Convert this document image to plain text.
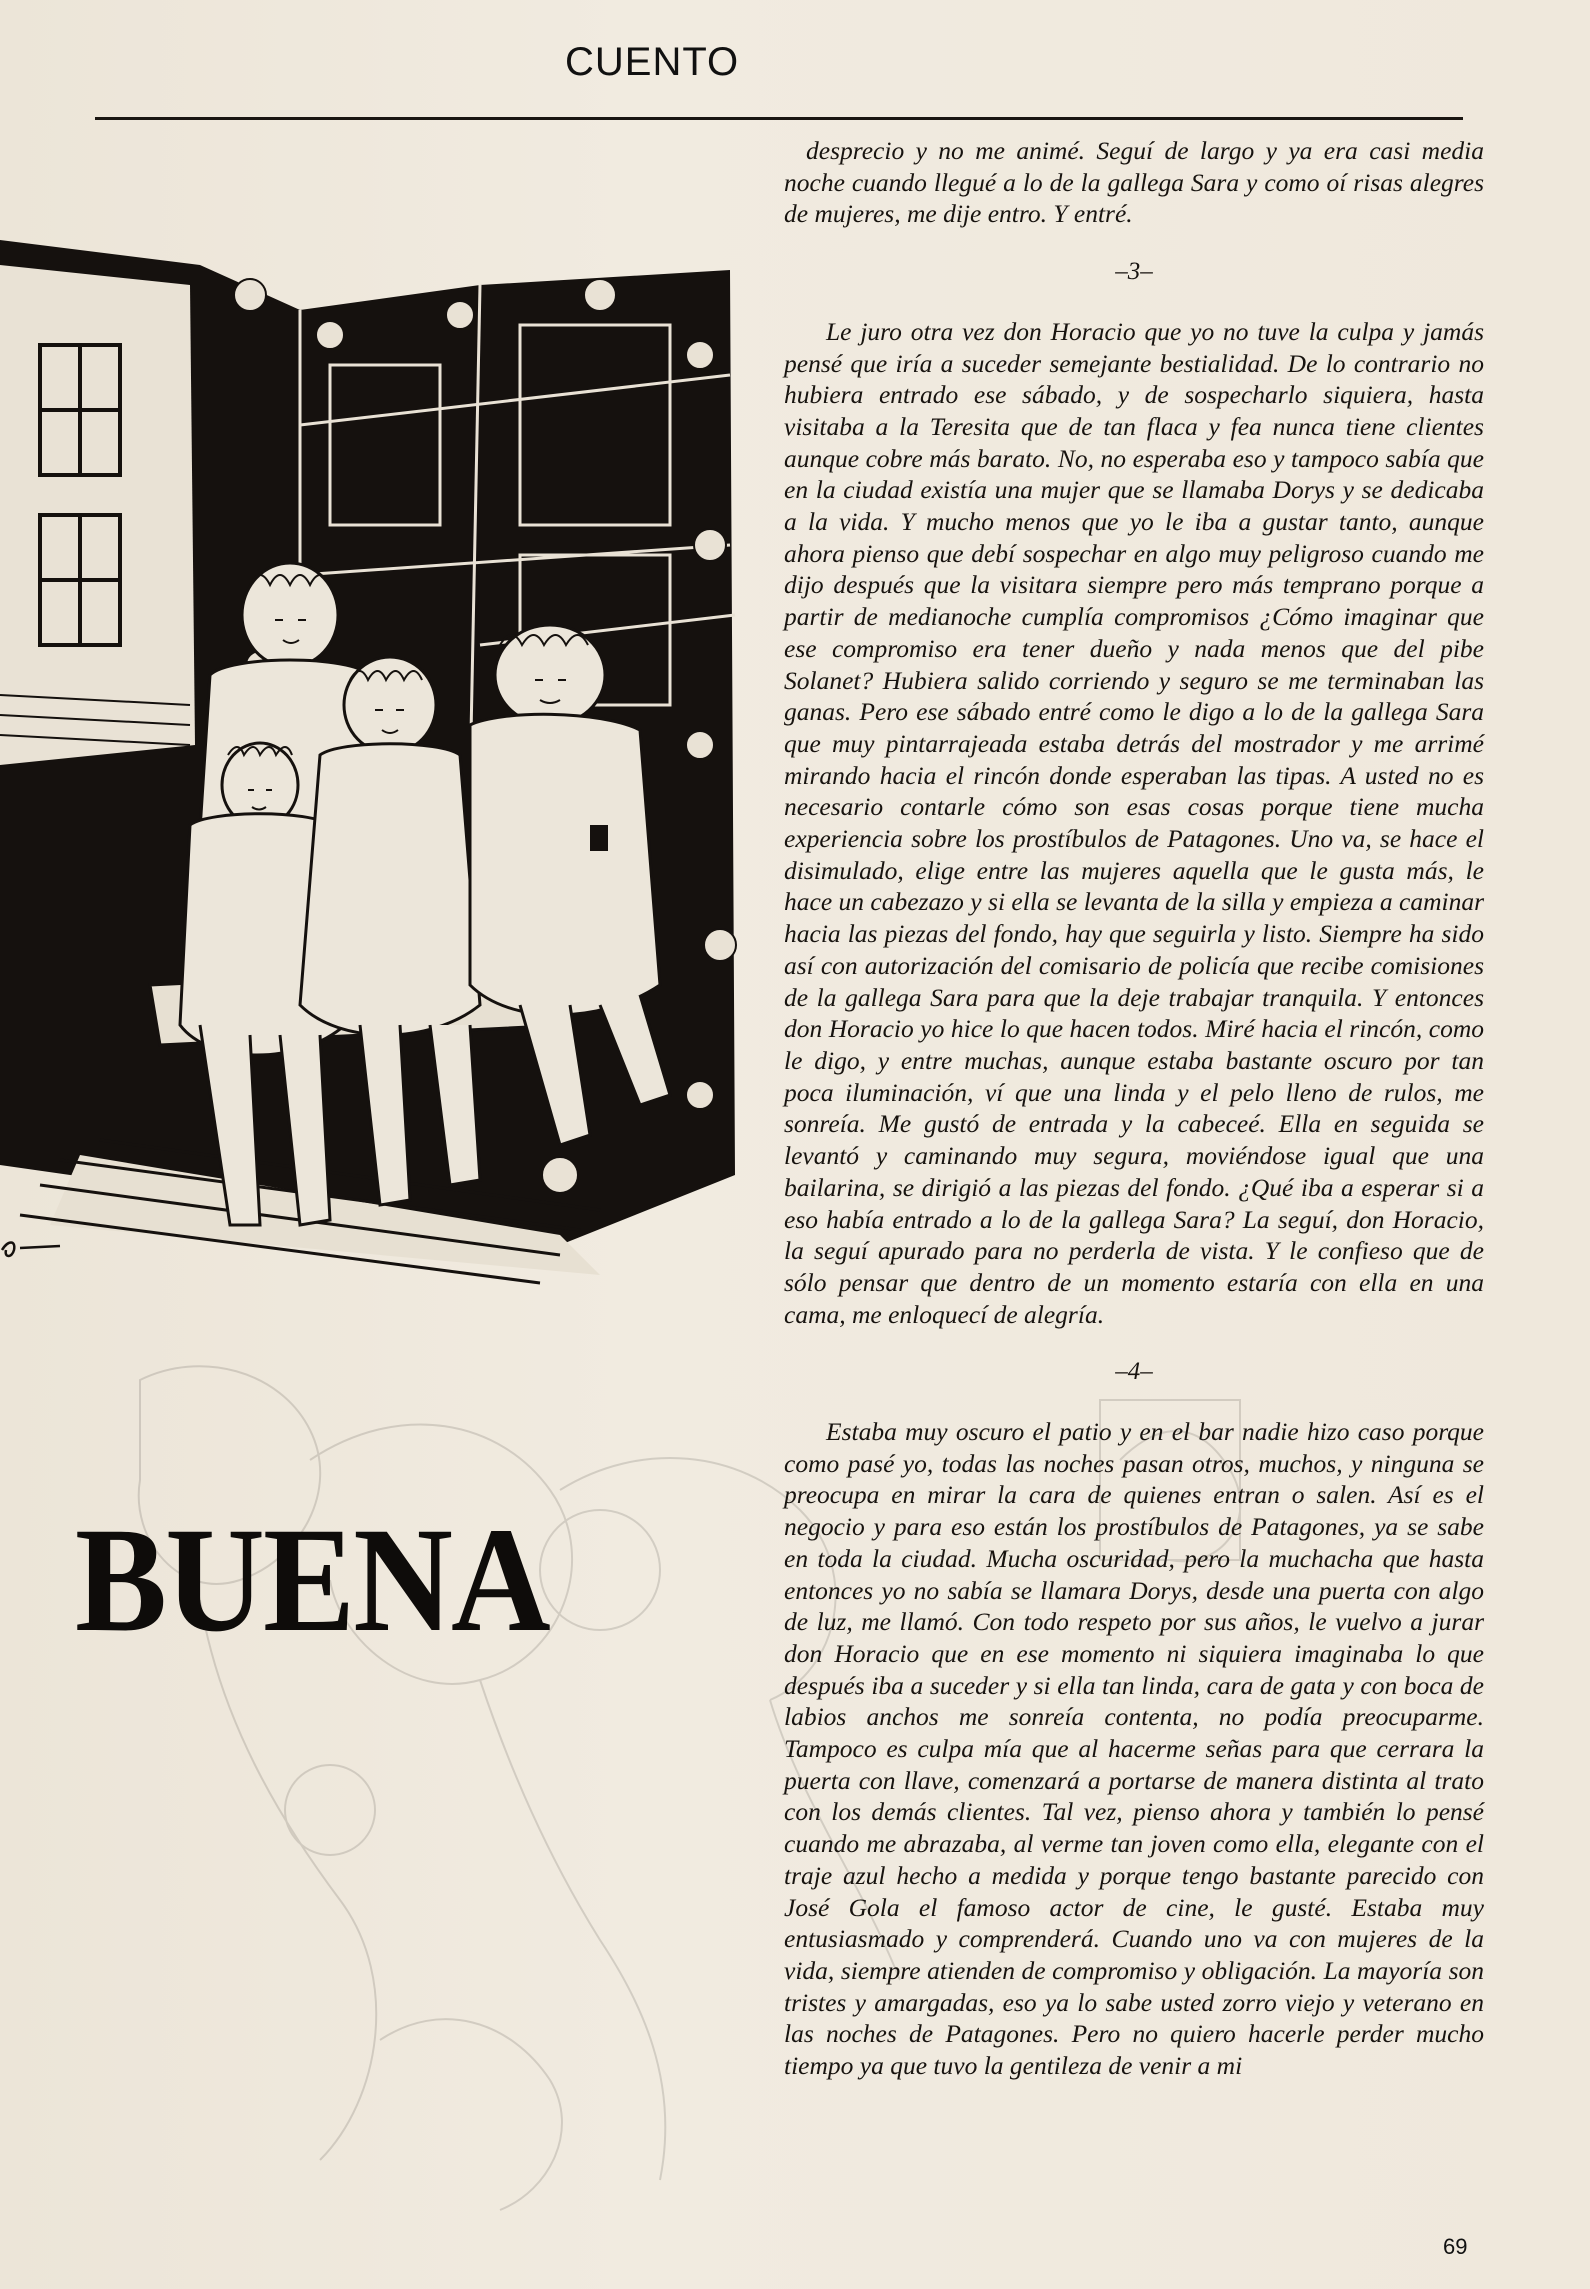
CUENTO
BUENA

desprecio y no me animé. Seguí de largo y ya era casi media noche cuando llegué a lo de la gallega Sara y como oí risas alegres de mujeres, me dije entro. Y entré.

–3–

Le juro otra vez don Horacio que yo no tuve la culpa y jamás pensé que iría a suceder semejante bestialidad. De lo contrario no hubiera entrado ese sábado, y de sospecharlo siquiera, hasta visitaba a la Teresita que de tan flaca y fea nunca tiene clientes aunque cobre más barato. No, no esperaba eso y tampoco sabía que en la ciudad existía una mujer que se llamaba Dorys y se dedicaba a la vida. Y mucho menos que yo le iba a gustar tanto, aunque ahora pienso que debí sospechar en algo muy peligroso cuando me dijo después que la visitara siempre pero más temprano porque a partir de medianoche cumplía compromisos ¿Cómo imaginar que ese compromiso era tener dueño y nada menos que del pibe Solanet? Hubiera salido corriendo y seguro se me terminaban las ganas. Pero ese sábado entré como le digo a lo de la gallega Sara que muy pintarrajeada estaba detrás del mostrador y me arrimé mirando hacia el rincón donde esperaban las tipas. A usted no es necesario contarle cómo son esas cosas porque tiene mucha experiencia sobre los prostíbulos de Patagones. Uno va, se hace el disimulado, elige entre las mujeres aquella que le gusta más, le hace un cabezazo y si ella se levanta de la silla y empieza a caminar hacia las piezas del fondo, hay que seguirla y listo. Siempre ha sido así con autorización del comisario de policía que recibe comisiones de la gallega Sara para que la deje trabajar tranquila. Y entonces don Horacio yo hice lo que hacen todos. Miré hacia el rincón, como le digo, y entre muchas, aunque estaba bastante oscuro por tan poca iluminación, ví que una linda y el pelo lleno de rulos, me sonreía. Me gustó de entrada y la cabeceé. Ella en seguida se levantó y caminando muy segura, moviéndose igual que una bailarina, se dirigió a las piezas del fondo. ¿Qué iba a esperar si a eso había entrado a lo de la gallega Sara? La seguí, don Horacio, la seguí apurado para no perderla de vista. Y le confieso que de sólo pensar que dentro de un momento estaría con ella en una cama, me enloquecí de alegría.

–4–

Estaba muy oscuro el patio y en el bar nadie hizo caso porque como pasé yo, todas las noches pasan otros, muchos, y ninguna se preocupa en mirar la cara de quienes entran o salen. Así es el negocio y para eso están los prostíbulos de Patagones, ya se sabe en toda la ciudad. Mucha oscuridad, pero la muchacha que hasta entonces yo no sabía se llamara Dorys, desde una puerta con algo de luz, me llamó. Con todo respeto por sus años, le vuelvo a jurar don Horacio que en ese momento ni siquiera imaginaba lo que después iba a suceder y si ella tan linda, cara de gata y con boca de labios anchos me sonreía contenta, no podía preocuparme. Tampoco es culpa mía que al hacerme señas para que cerrara la puerta con llave, comenzará a portarse de manera distinta al trato con los demás clientes. Tal vez, pienso ahora y también lo pensé cuando me abrazaba, al verme tan joven como ella, elegante con el traje azul hecho a medida y porque tengo bastante parecido con José Gola el famoso actor de cine, le gusté. Estaba muy entusiasmado y comprenderá. Cuando uno va con mujeres de la vida, siempre atienden de compromiso y obligación. La mayoría son tristes y amargadas, eso ya lo sabe usted zorro viejo y veterano en las noches de Patagones. Pero no quiero hacerle perder mucho tiempo ya que tuvo la gentileza de venir a mi

69
